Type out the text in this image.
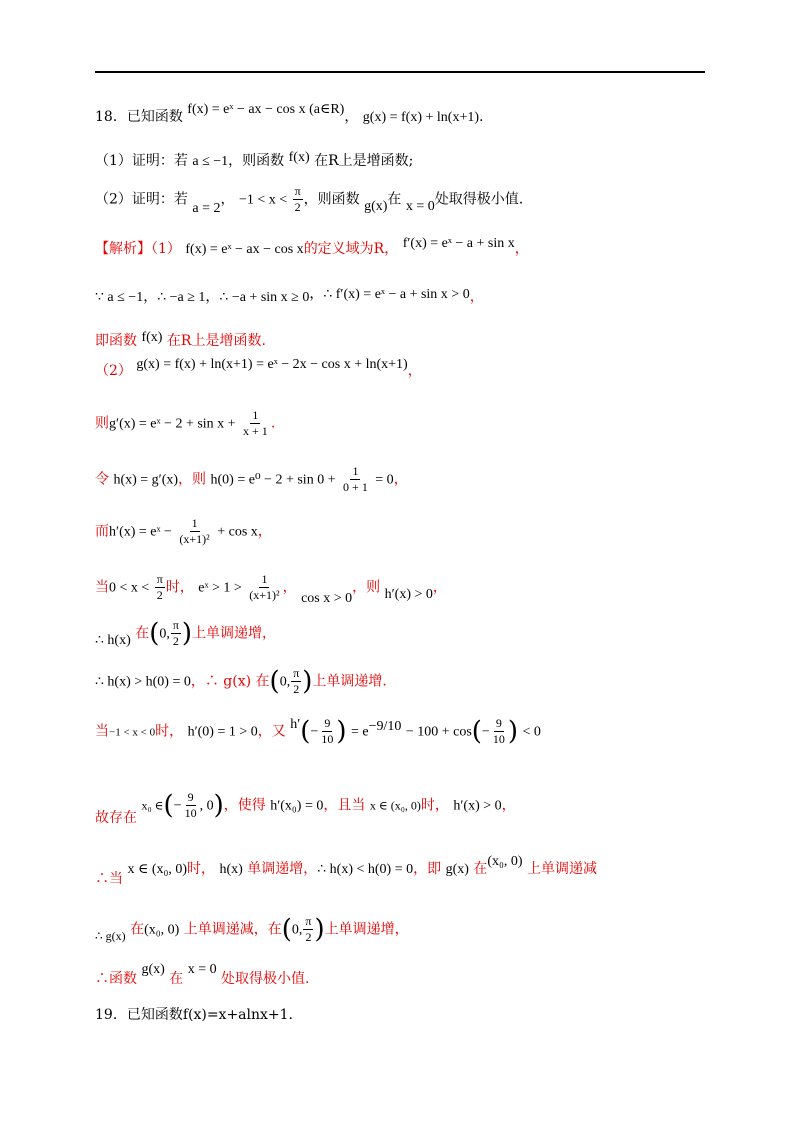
18．已知函数 f(x) = eˣ − ax − cos x (a∈R)， g(x) = f(x) + ln(x+1).
（1）证明：若 a ≤ −1，则函数 f(x) 在R上是增函数;
（2）证明：若 a = 2， $-1 < x < \frac{\pi}{2}$ ，则函数 g(x)在 x = 0处取得极小值.
【解析】（1） f(x) = eˣ − ax − cos x的定义域为R， f′(x) = eˣ − a + sin x，
∵ a ≤ −1，∴ −a ≥ 1，∴ −a + sin x ≥ 0，∴ f′(x) = eˣ − a + sin x > 0，
即函数 f(x) 在R上是增函数.
（2） g(x) = f(x) + ln(x+1) = eˣ − 2x − cos x + ln(x+1)，
则g′(x) = eˣ − $2 + \sin x + \frac{1}{x + 1}$ .
令 h(x) = g′(x)，则 $h(0) = e^0 - 2 + \sin 0 + \frac{1}{0 + 1} = 0$，
而h′(x) = eˣ − $\frac{1}{\text{(x+1)²}} + \cos x$，
当$0 < x < \frac{\pi}{2}$ 时， eˣ > $1 > \frac{1}{\text{(x+1)²}}$ ， cos x > 0，则 h′(x) > 0，
∴ h(x) 在(0, $\frac{\pi}{2}$ )上单调递增，
∴ h(x) > h(0) = 0，∴ g(x) 在(0, $\frac{\pi}{2}$ )上单调递增.
当−1 < x < 0时， h′(0) = 1 > 0，又 $h'(- \frac{9}{10}$ ) = $e^{-9/10} - 100 + \cos(- \frac{9}{10}$ ) < 0
故存在 x₀ ∈(− $\frac{9}{10}$ , 0)，使得 h′(x₀) = 0，且当 x ∈ (x₀, 0)时， h′(x) > 0，
∴当 x ∈ (x₀, 0)时， h(x) 单调递增，∴ h(x) < h(0) = 0，即 g(x) 在(x₀, 0) 上单调递减
∴ g(x) 在(x₀, 0) 上单调递减，在(0, $\frac{\pi}{2}$ )上单调递增，
∴函数 g(x) 在 x = 0 处取得极小值.
19．已知函数f(x)=x+alnx+1.
